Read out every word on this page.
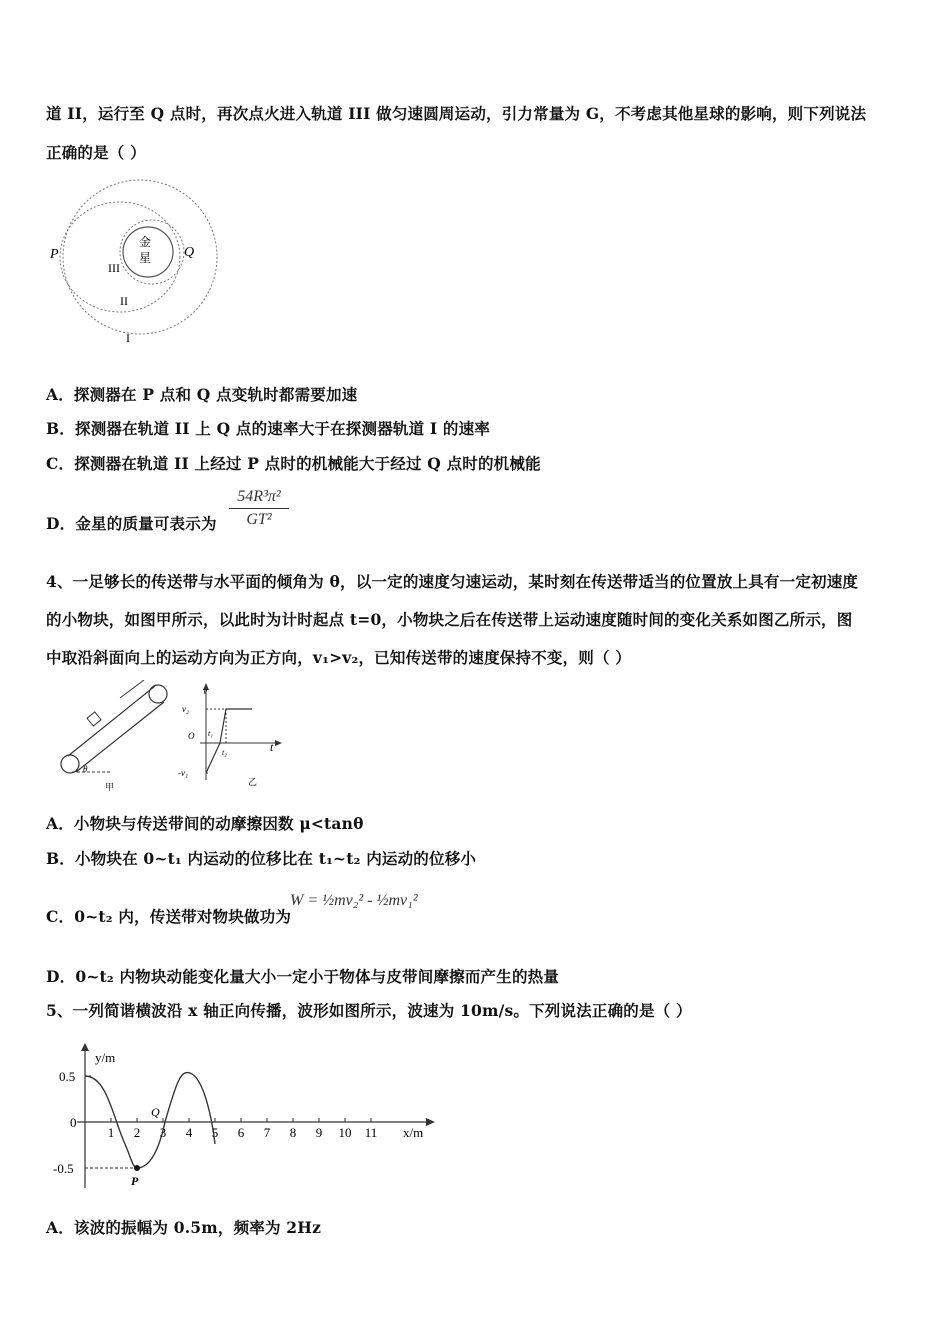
道 II，运行至 Q 点时，再次点火进入轨道 III 做匀速圆周运动，引力常量为 G，不考虑其他星球的影响，则下列说法
正确的是（ ）
金
星
P	Q
III
II
I
A．探测器在 P 点和 Q 点变轨时都需要加速
B．探测器在轨道 II 上 Q 点的速率大于在探测器轨道 I 的速率
C．探测器在轨道 II 上经过 P 点时的机械能大于经过 Q 点时的机械能
D．金星的质量可表示为 $\frac{\text{54R³π²}}{\text{GT²}}$
4、一足够长的传送带与水平面的倾角为 θ，以一定的速度匀速运动，某时刻在传送带适当的位置放上具有一定初速度
的小物块，如图甲所示，以此时为计时起点 t=0，小物块之后在传送带上运动速度随时间的变化关系如图乙所示，图
中取沿斜面向上的运动方向为正方向，v₁>v₂，已知传送带的速度保持不变，则（ ）
θ
甲
v
v₂
O t₁
t₂	t
-v₁
乙
A．小物块与传送带间的动摩擦因数 μ<tanθ
B．小物块在 0~t₁ 内运动的位移比在 t₁~t₂ 内运动的位移小
C．0~t₂ 内，传送带对物块做功为
W = ½mv₂² - ½mv₁²
D．0~t₂ 内物块动能变化量大小一定小于物体与皮带间摩擦而产生的热量
5、一列简谐横波沿 x 轴正向传播，波形如图所示，波速为 10m/s。下列说法正确的是（ ）
1 2 3 4 5 6 7 8 9 10 11 x/m
y/m
0.5
0
-0.5
Q
P
A．该波的振幅为 0.5m，频率为 2Hz
